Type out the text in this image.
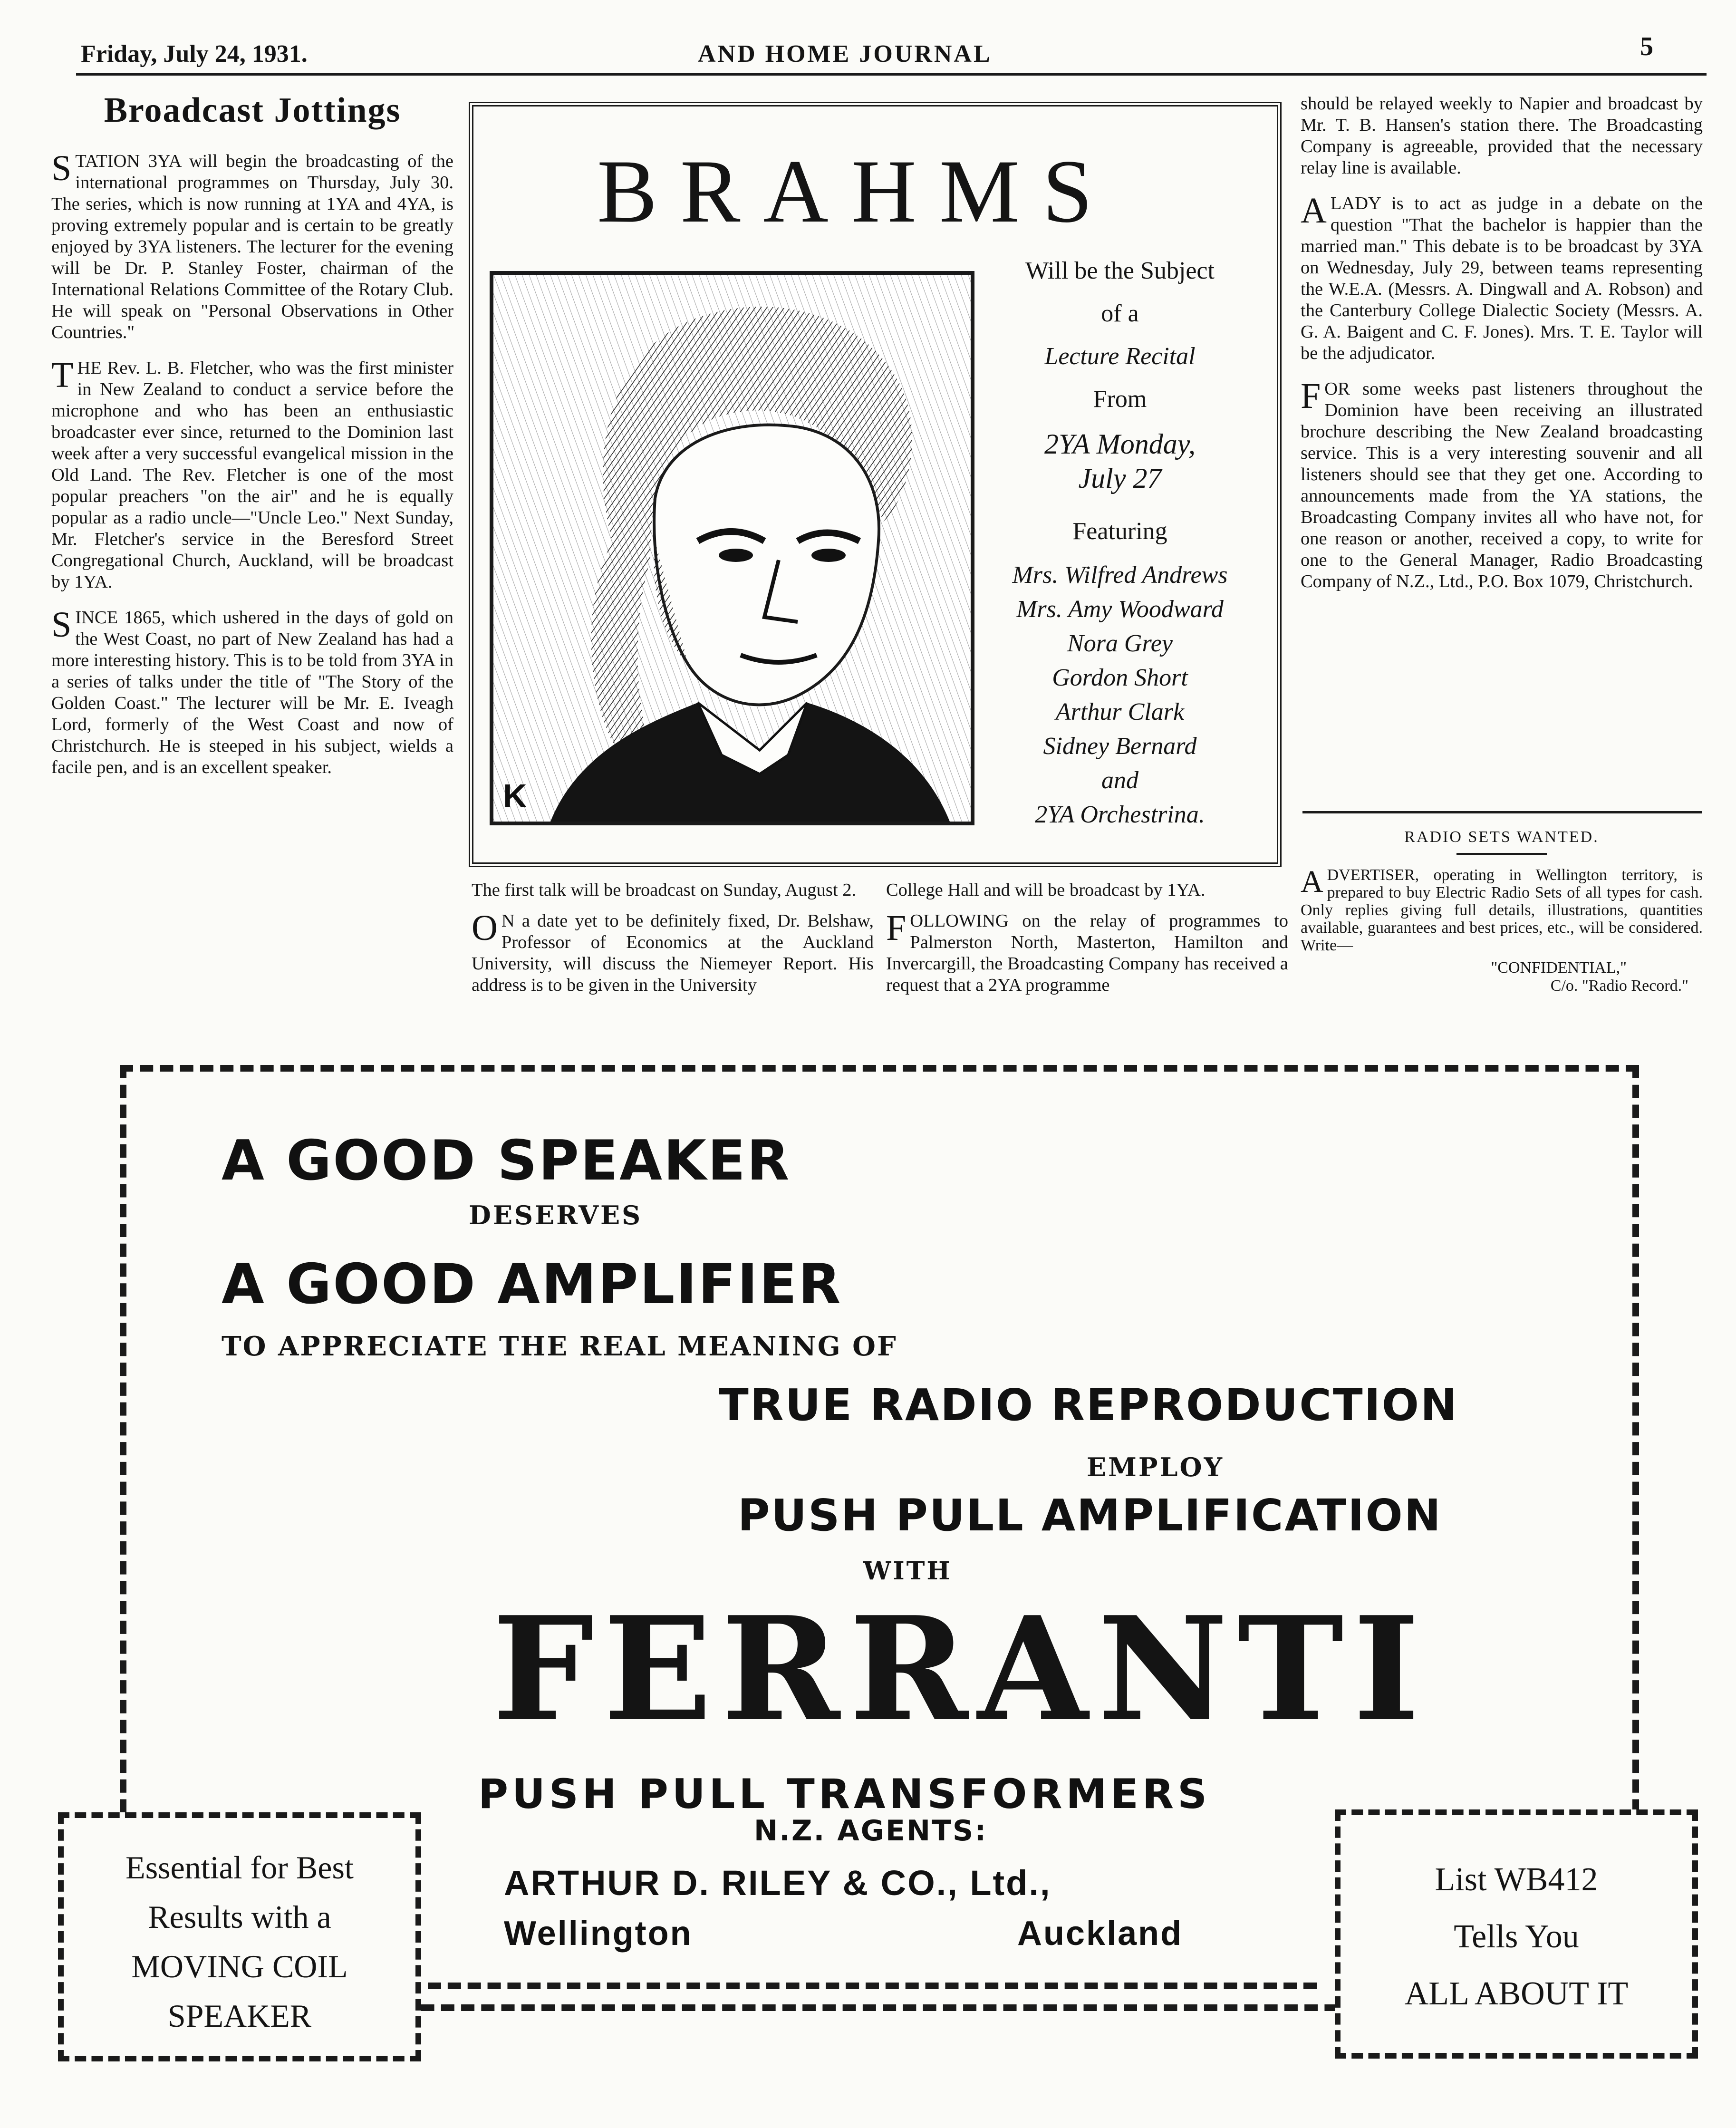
Friday, July 24, 1931.	AND HOME JOURNAL	5
Broadcast Jottings

STATION 3YA will begin the broadcasting of the international programmes on Thursday, July 30. The series, which is now running at 1YA and 4YA, is proving extremely popular and is certain to be greatly enjoyed by 3YA listeners. The lecturer for the evening will be Dr. P. Stanley Foster, chairman of the International Relations Committee of the Rotary Club. He will speak on "Personal Observations in Other Countries."

THE Rev. L. B. Fletcher, who was the first minister in New Zealand to conduct a service before the microphone and who has been an enthusiastic broadcaster ever since, returned to the Dominion last week after a very successful evangelical mission in the Old Land. The Rev. Fletcher is one of the most popular preachers "on the air" and he is equally popular as a radio uncle—"Uncle Leo." Next Sunday, Mr. Fletcher's service in the Beresford Street Congregational Church, Auckland, will be broadcast by 1YA.

SINCE 1865, which ushered in the days of gold on the West Coast, no part of New Zealand has had a more interesting history. This is to be told from 3YA in a series of talks under the title of "The Story of the Golden Coast." The lecturer will be Mr. E. Iveagh Lord, formerly of the West Coast and now of Christchurch. He is steeped in his subject, wields a facile pen, and is an excellent speaker.

BRAHMS
K
Will be the Subject
of a
Lecture Recital
From
2YA Monday,
July 27
Featuring
Mrs. Wilfred Andrews
Mrs. Amy Woodward
Nora Grey
Gordon Short
Arthur Clark
Sidney Bernard
and
2YA Orchestrina.

The first talk will be broadcast on Sunday, August 2.

O N a date yet to be definitely fixed, Dr. Belshaw, Professor of Economics at the Auckland University, will discuss the Niemeyer Report. His address is to be given in the University

College Hall and will be broadcast by 1YA.

FOLLOWING on the relay of programmes to Palmerston North, Masterton, Hamilton and Invercargill, the Broadcasting Company has received a request that a 2YA programme

should be relayed weekly to Napier and broadcast by Mr. T. B. Hansen's station there. The Broadcasting Company is agreeable, provided that the necessary relay line is available.

ALADY is to act as judge in a debate on the question "That the bachelor is happier than the married man." This debate is to be broadcast by 3YA on Wednesday, July 29, between teams representing the W.E.A. (Messrs. A. Dingwall and A. Robson) and the Canterbury College Dialectic Society (Messrs. A. G. A. Baigent and C. F. Jones). Mrs. T. E. Taylor will be the adjudicator.

FOR some weeks past listeners throughout the Dominion have been receiving an illustrated brochure describing the New Zealand broadcasting service. This is a very interesting souvenir and all listeners should see that they get one. According to announcements made from the YA stations, the Broadcasting Company invites all who have not, for one reason or another, received a copy, to write for one to the General Manager, Radio Broadcasting Company of N.Z., Ltd., P.O. Box 1079, Christchurch.

RADIO SETS WANTED.
ADVERTISER, operating in Wellington territory, is prepared to buy Electric Radio Sets of all types for cash. Only replies giving full details, illustrations, quantities available, guarantees and best prices, etc., will be considered. Write—
"CONFIDENTIAL,"
C/o. "Radio Record."
A GOOD SPEAKER
DESERVES
A GOOD AMPLIFIER
TO APPRECIATE THE REAL MEANING OF
TRUE RADIO REPRODUCTION
EMPLOY
PUSH PULL AMPLIFICATION
WITH
FERRANTI
PUSH PULL TRANSFORMERS
N.Z. AGENTS:
ARTHUR D. RILEY & CO., Ltd.,
Wellington	Auckland
Essential for Best
Results with a
MOVING COIL
SPEAKER
List WB412
Tells You
ALL ABOUT IT
